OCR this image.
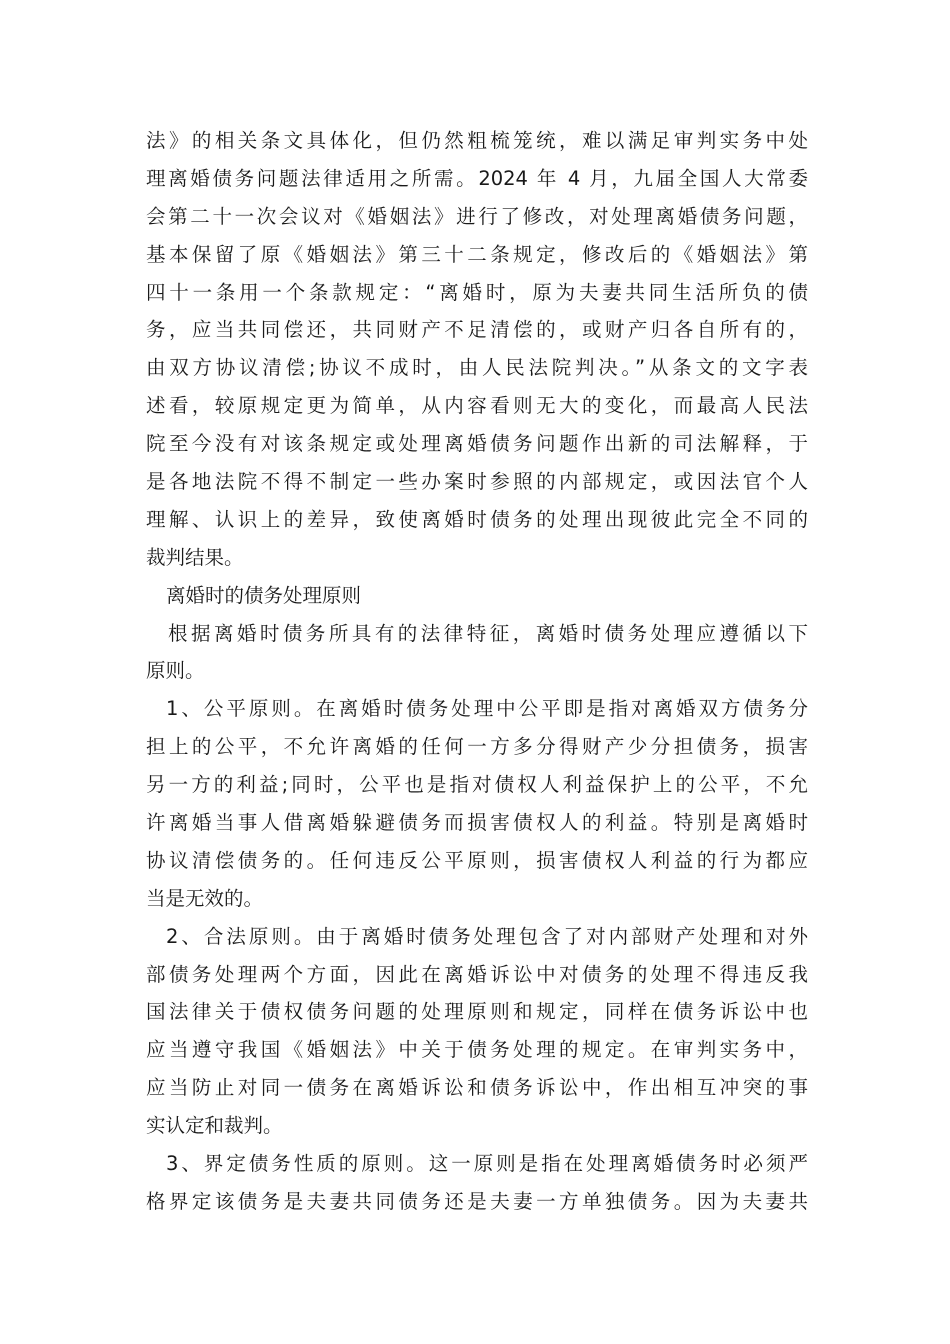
法》的相关条文具体化，但仍然粗梳笼统，难以满足审判实务中处
理离婚债务问题法律适用之所需。2024 年 4 月，九届全国人大常委
会第二十一次会议对《婚姻法》进行了修改，对处理离婚债务问题，
基本保留了原《婚姻法》第三十二条规定，修改后的《婚姻法》第
四十一条用一个条款规定：“离婚时，原为夫妻共同生活所负的债
务，应当共同偿还，共同财产不足清偿的，或财产归各自所有的，
由双方协议清偿;协议不成时，由人民法院判决。”从条文的文字表
述看，较原规定更为简单，从内容看则无大的变化，而最高人民法
院至今没有对该条规定或处理离婚债务问题作出新的司法解释，于
是各地法院不得不制定一些办案时参照的内部规定，或因法官个人
理解、认识上的差异，致使离婚时债务的处理出现彼此完全不同的
裁判结果。
离婚时的债务处理原则
根据离婚时债务所具有的法律特征，离婚时债务处理应遵循以下
原则。
1、公平原则。在离婚时债务处理中公平即是指对离婚双方债务分
担上的公平，不允许离婚的任何一方多分得财产少分担债务，损害
另一方的利益;同时，公平也是指对债权人利益保护上的公平，不允
许离婚当事人借离婚躲避债务而损害债权人的利益。特别是离婚时
协议清偿债务的。任何违反公平原则，损害债权人利益的行为都应
当是无效的。
2、合法原则。由于离婚时债务处理包含了对内部财产处理和对外
部债务处理两个方面，因此在离婚诉讼中对债务的处理不得违反我
国法律关于债权债务问题的处理原则和规定，同样在债务诉讼中也
应当遵守我国《婚姻法》中关于债务处理的规定。在审判实务中，
应当防止对同一债务在离婚诉讼和债务诉讼中，作出相互冲突的事
实认定和裁判。
3、界定债务性质的原则。这一原则是指在处理离婚债务时必须严
格界定该债务是夫妻共同债务还是夫妻一方单独债务。因为夫妻共
